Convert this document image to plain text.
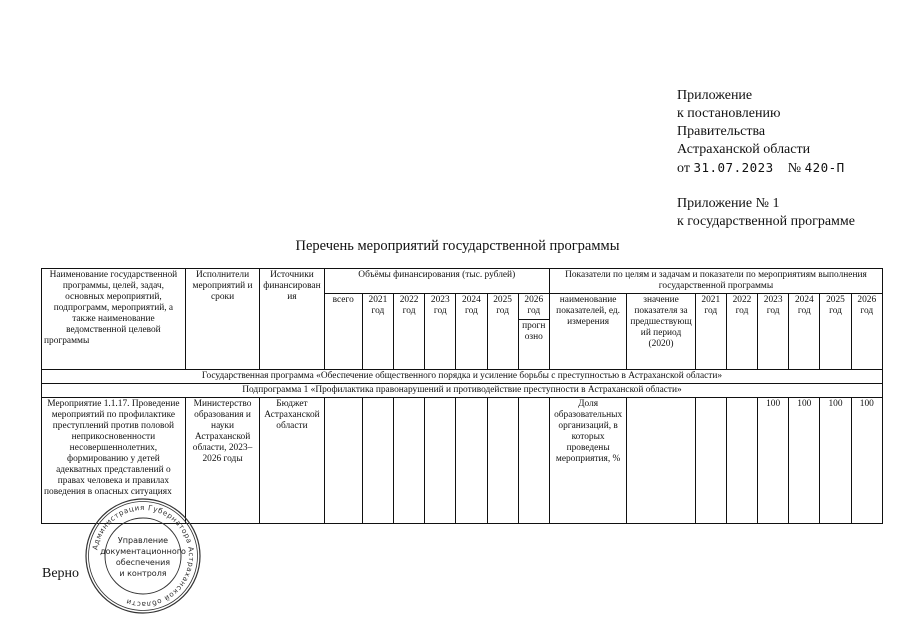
Приложение
к постановлению
Правительства
Астраханской области
от 31.07.2023 № 420-П
Приложение № 1
к государственной программе
Перечень мероприятий государственной программы
Наименование государственной программы, целей, задач, основных мероприятий, подпрограмм, мероприятий, а также наименование ведомственной целевой программы	Исполнители мероприятий и сроки	Источники финансирования	Объёмы финансирования (тыс. рублей)							Показатели по целям и задачам и показатели по мероприятиям выполнения государственной программы							
			всего	2021 год	2022 год	2023 год	2024 год	2025 год	2026 год	наименование показателей, ед. измерения	значение показателя за предшествующий период (2020)	2021 год	2022 год	2023 год	2024 год	2025 год	2026 год
									прогнозно								
Государственная программа «Обеспечение общественного порядка и усиление борьбы с преступностью в Астраханской области»																	
Подпрограмма 1 «Профилактика правонарушений и противодействие преступности в Астраханской области»																	
Мероприятие 1.1.17. Проведение мероприятий по профилактике преступлений против половой неприкосновенности несовершеннолетних, формированию у детей адекватных представлений о правах человека и правилах поведения в опасных ситуациях	Министерство образования и науки Астраханской области, 2023–2026 годы	Бюджет Астраханской области								Доля образовательных организаций, в которых проведены мероприятия, %				100	100	100	100
Верно
Администрация Губернатора Астраханской области
Управление
документационного
обеспечения
и контроля
